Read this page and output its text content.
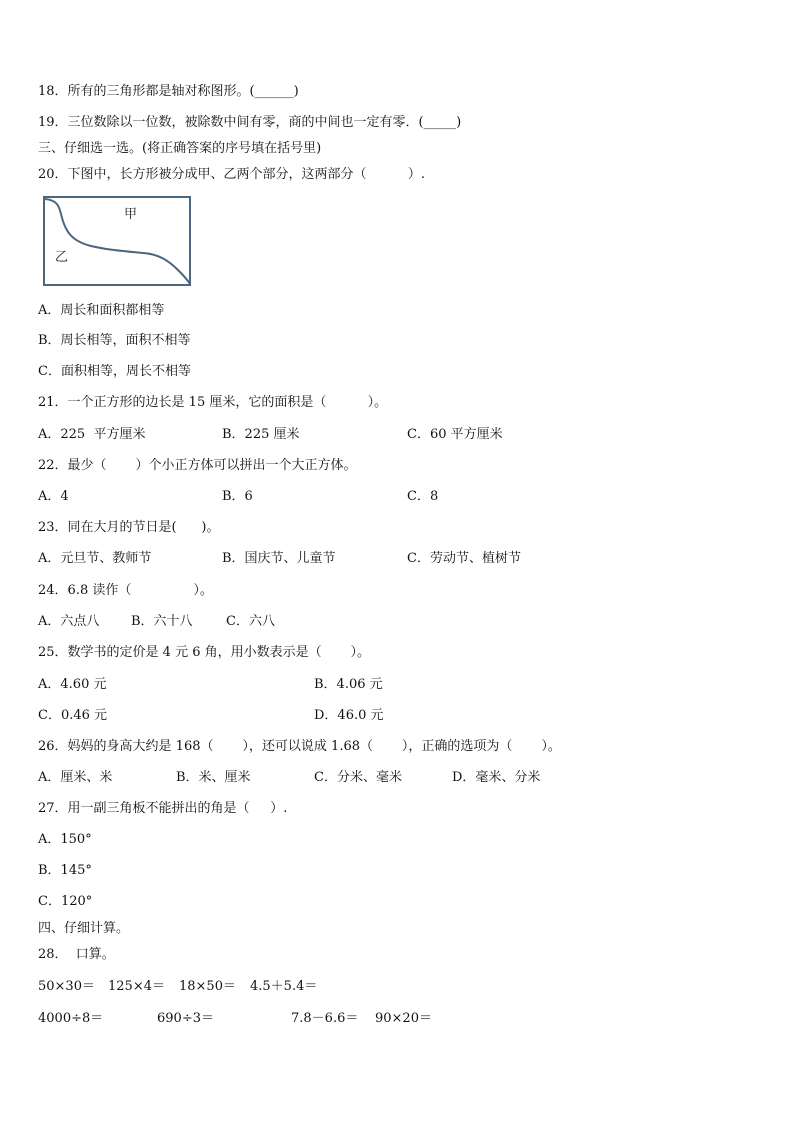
18．所有的三角形都是轴对称图形。(______)
19．三位数除以一位数，被除数中间有零，商的中间也一定有零．(_____)
三、仔细选一选。(将正确答案的序号填在括号里)
20．下图中，长方形被分成甲、乙两个部分，这两部分（          ）.
甲
乙
A．周长和面积都相等
B．周长相等，面积不相等
C．面积相等，周长不相等
21．一个正方形的边长是 15 厘米，它的面积是（          ）。
A．225  平方厘米	B．225 厘米	C．60 平方厘米
22．最少（       ）个小正方体可以拼出一个大正方体。
A．4	B．6	C．8
23．同在大月的节日是(      )。
A．元旦节、教师节	B．国庆节、儿童节	C．劳动节、植树节
24．6.8 读作（               ）。
A．六点八 B．六十八	C．六八
25．数学书的定价是 4 元 6 角，用小数表示是（       ）。
A．4.60 元	B．4.06 元
C．0.46 元	D．46.0 元
26．妈妈的身高大约是 168（       ），还可以说成 1.68（       ），正确的选项为（       ）。
A．厘米、米	B．米、厘米	C．分米、毫米	D．毫米、分米
27．用一副三角板不能拼出的角是（     ）.
A．150°
B．145°
C．120°
四、仔细计算。
28．  口算。
50×30＝ 125×4＝ 18×50＝ 4.5＋5.4＝
4000÷8＝	690÷3＝	7.8－6.6＝ 90×20＝
